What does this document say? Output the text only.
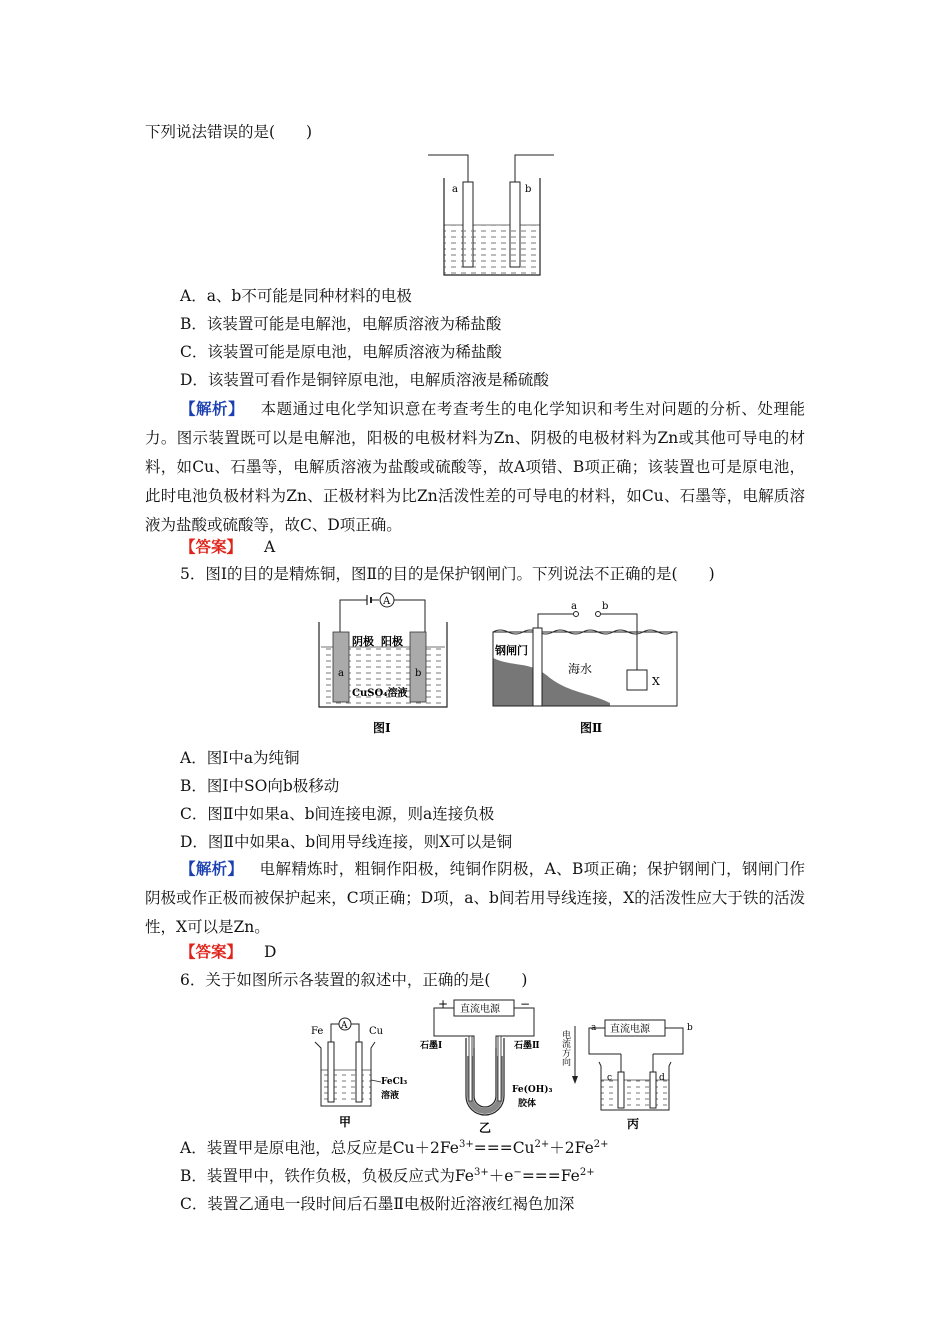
下列说法错误的是(　　)
a	b
A．a、b不可能是同种材料的电极
B．该装置可能是电解池，电解质溶液为稀盐酸
C．该装置可能是原电池，电解质溶液为稀盐酸
D．该装置可看作是铜锌原电池，电解质溶液是稀硫酸
【解析】 本题通过电化学知识意在考查考生的电化学知识和考生对问题的分析、处理能力。图示装置既可以是电解池，阳极的电极材料为Zn、阴极的电极材料为Zn或其他可导电的材料，如Cu、石墨等，电解质溶液为盐酸或硫酸等，故A项错、B项正确；该装置也可是原电池，此时电池负极材料为Zn、正极材料为比Zn活泼性差的可导电的材料，如Cu、石墨等，电解质溶液为盐酸或硫酸等，故C、D项正确。
【答案】 A
5．图Ⅰ的目的是精炼铜，图Ⅱ的目的是保护钢闸门。下列说法不正确的是(　　)
A
阴极 阳极
a	b
CuSO₄溶液
图Ⅰ
a	b
钢闸门
海水
X
图Ⅱ
A．图Ⅰ中a为纯铜
B．图Ⅰ中SO向b极移动
C．图Ⅱ中如果a、b间连接电源，则a连接负极
D．图Ⅱ中如果a、b间用导线连接，则X可以是铜
【解析】 电解精炼时，粗铜作阳极，纯铜作阴极，A、B项正确；保护钢闸门，钢闸门作阴极或作正极而被保护起来，C项正确；D项，a、b间若用导线连接，X的活泼性应大于铁的活泼性，X可以是Zn。
【答案】 D
6．关于如图所示各装置的叙述中，正确的是(　　)
Fe	Cu
A
FeCl₃
溶液
甲
+	−
直流电源
石墨Ⅰ	石墨Ⅱ
Fe(OH)₃
胶体
乙
电流方向
a	b
直流电源
c	d
丙
A．装置甲是原电池，总反应是$Cu+2Fe^{3+}===Cu^{2+}+2Fe^{2+}$
B．装置甲中，铁作负极，负极反应式为$Fe^{3+}+e^-===Fe^{2+}$
C．装置乙通电一段时间后石墨Ⅱ电极附近溶液红褐色加深
